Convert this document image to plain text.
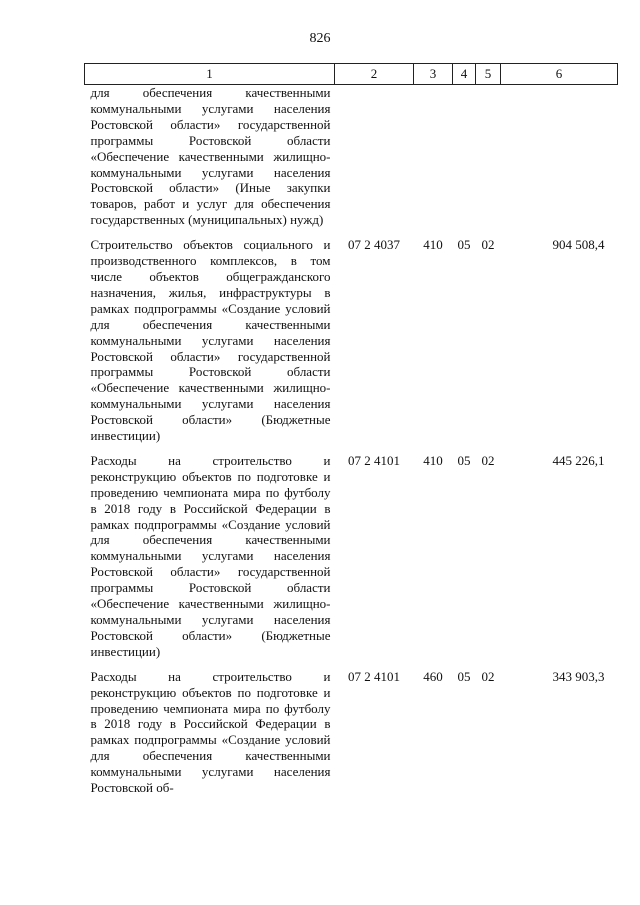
826
1	2	3	4	5	6
для обеспечения качественными коммунальными услугами населения Ростовской области» государственной программы Ростовской области «Обеспечение качественными жилищно-коммунальными услугами населения Ростовской области» (Иные закупки товаров, работ и услуг для обеспечения государственных (муниципальных) нужд)					
Строительство объектов социального и производственного комплексов, в том числе объектов общегражданского назначения, жилья, инфраструктуры в рамках подпрограммы «Создание условий для обеспечения качественными коммунальными услугами населения Ростовской области» государственной программы Ростовской области «Обеспечение качественными жилищно-коммунальными услугами населения Ростовской области» (Бюджетные инвестиции)	07 2 4037	410	05	02	904 508,4
Расходы на строительство и реконструкцию объектов по подготовке и проведению чемпионата мира по футболу в 2018 году в Российской Федерации в рамках подпрограммы «Создание условий для обеспечения качественными коммунальными услугами населения Ростовской области» государственной программы Ростовской области «Обеспечение качественными жилищно-коммунальными услугами населения Ростовской области» (Бюджетные инвестиции)	07 2 4101	410	05	02	445 226,1
Расходы на строительство и реконструкцию объектов по подготовке и проведению чемпионата мира по футболу в 2018 году в Российской Федерации в рамках подпрограммы «Создание условий для обеспечения качественными коммунальными услугами населения Ростовской об-	07 2 4101	460	05	02	343 903,3
